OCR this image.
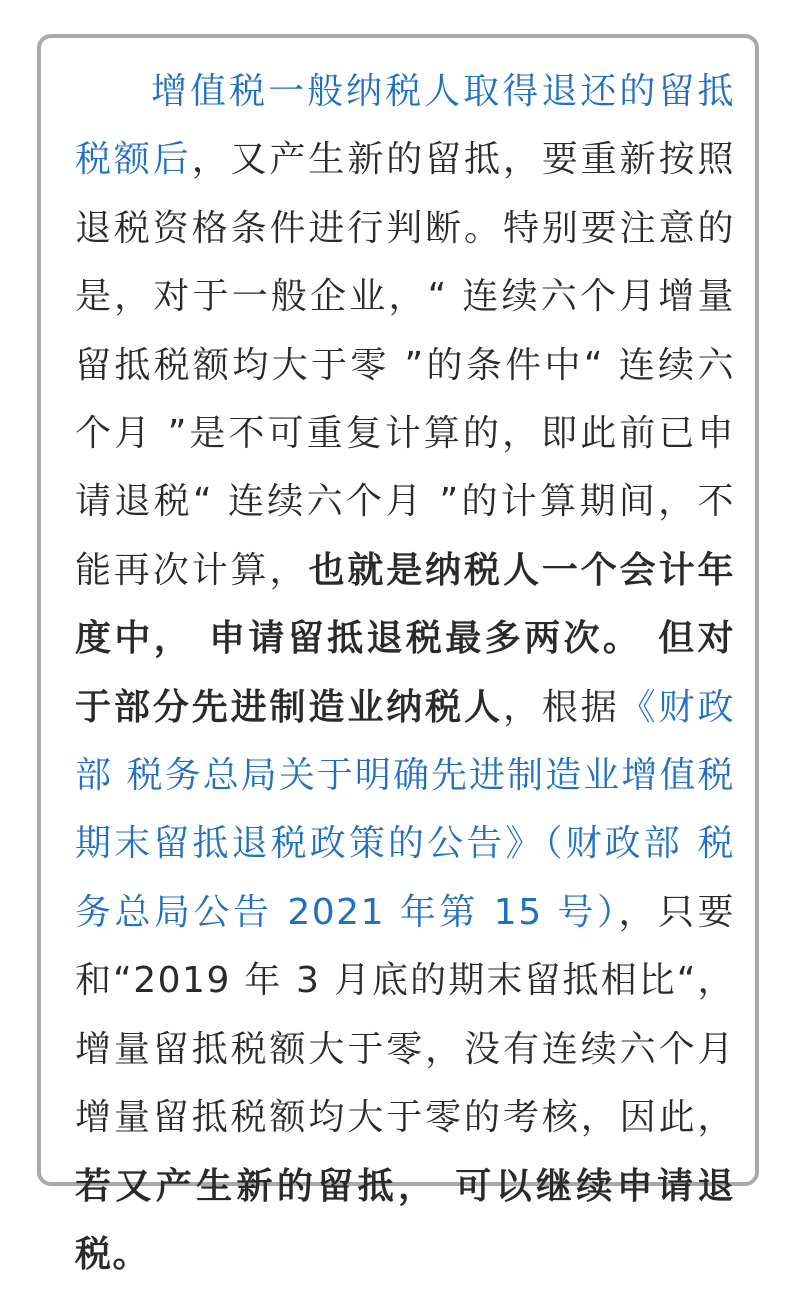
增值税一般纳税人取得退还的留抵税额后，又产生新的留抵，要重新按照退税资格条件进行判断。特别要注意的是，对于一般企业，“ 连续六个月增量留抵税额均大于零 ”的条件中“ 连续六个月 ”是不可重复计算的，即此前已申请退税“ 连续六个月 ”的计算期间，不能再次计算，也就是纳税人一个会计年度中， 申请留抵退税最多两次。 但对于部分先进制造业纳税人，根据《财政部 税务总局关于明确先进制造业增值税期末留抵退税政策的公告》（财政部 税务总局公告 2021 年第 15 号），只要和“2019 年 3 月底的期末留抵相比“，增量留抵税额大于零，没有连续六个月增量留抵税额均大于零的考核，因此，若又产生新的留抵， 可以继续申请退税。
